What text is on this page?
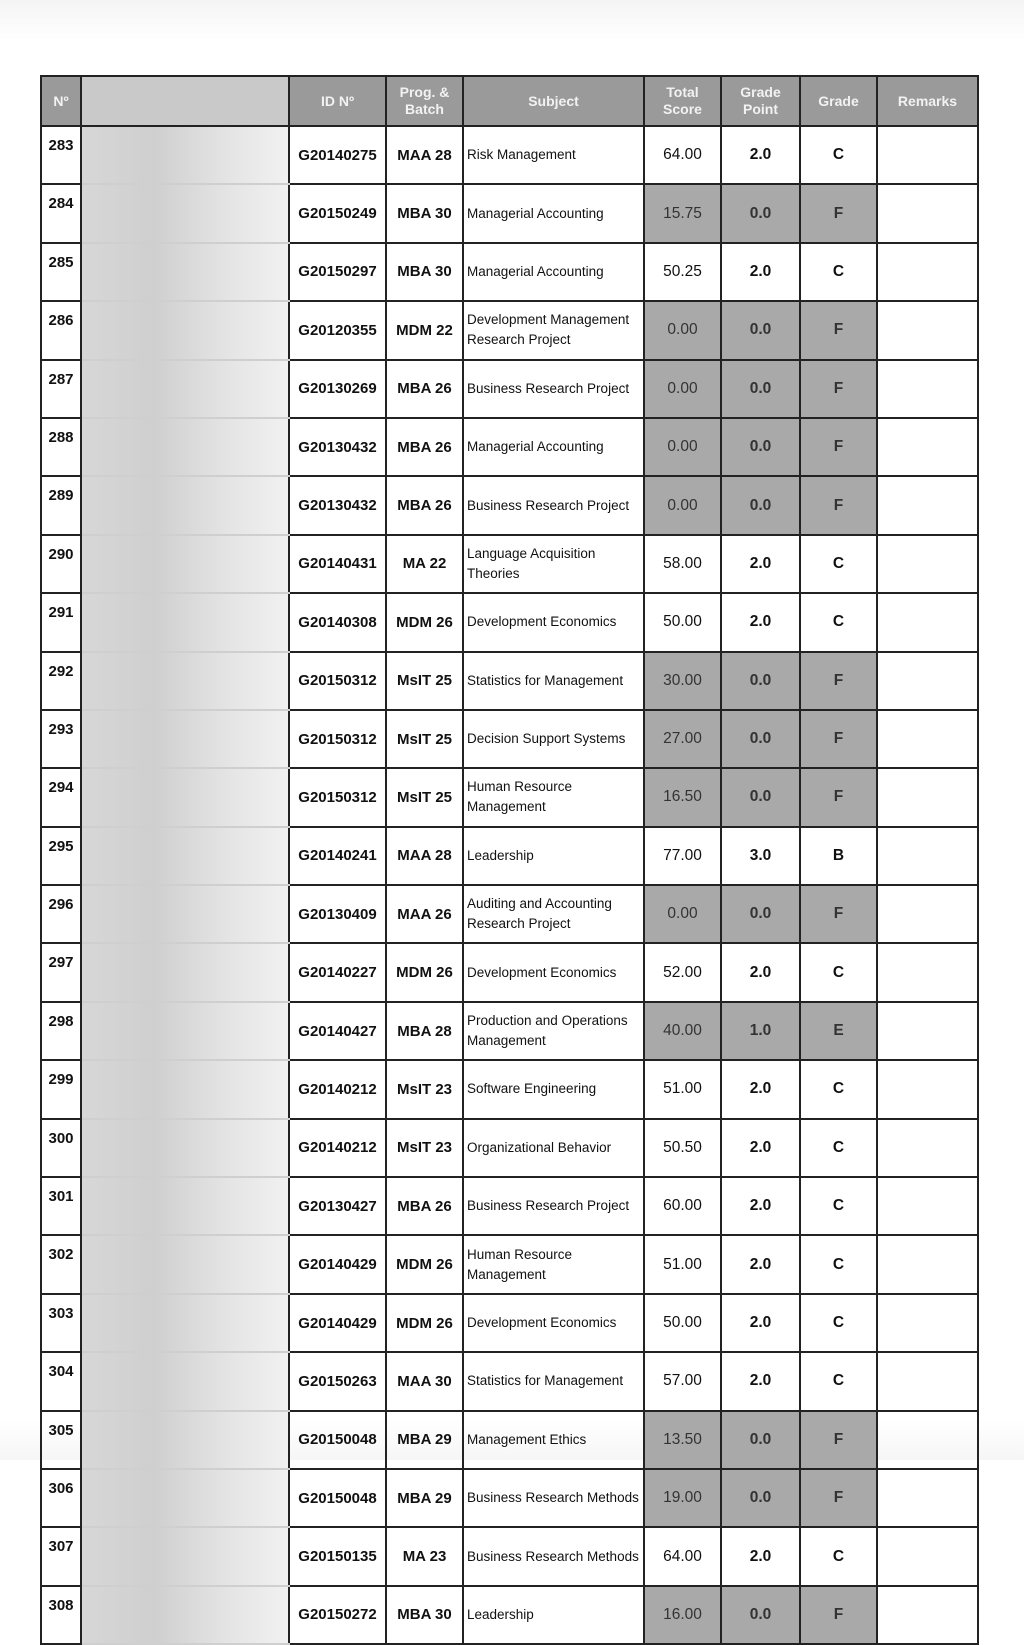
Nº		ID Nº	Prog. & Batch	Subject	Total Score	Grade Point	Grade	Remarks
283		G20140275	MAA 28	Risk Management	64.00	2.0	C	
284		G20150249	MBA 30	Managerial Accounting	15.75	0.0	F	
285		G20150297	MBA 30	Managerial Accounting	50.25	2.0	C	
286		G20120355	MDM 22	Development Management Research Project	0.00	0.0	F	
287		G20130269	MBA 26	Business Research Project	0.00	0.0	F	
288		G20130432	MBA 26	Managerial Accounting	0.00	0.0	F	
289		G20130432	MBA 26	Business Research Project	0.00	0.0	F	
290		G20140431	MA 22	Language Acquisition Theories	58.00	2.0	C	
291		G20140308	MDM 26	Development Economics	50.00	2.0	C	
292		G20150312	MsIT 25	Statistics for Management	30.00	0.0	F	
293		G20150312	MsIT 25	Decision Support Systems	27.00	0.0	F	
294		G20150312	MsIT 25	Human Resource Management	16.50	0.0	F	
295		G20140241	MAA 28	Leadership	77.00	3.0	B	
296		G20130409	MAA 26	Auditing and Accounting Research Project	0.00	0.0	F	
297		G20140227	MDM 26	Development Economics	52.00	2.0	C	
298		G20140427	MBA 28	Production and Operations Management	40.00	1.0	E	
299		G20140212	MsIT 23	Software Engineering	51.00	2.0	C	
300		G20140212	MsIT 23	Organizational Behavior	50.50	2.0	C	
301		G20130427	MBA 26	Business Research Project	60.00	2.0	C	
302		G20140429	MDM 26	Human Resource Management	51.00	2.0	C	
303		G20140429	MDM 26	Development Economics	50.00	2.0	C	
304		G20150263	MAA 30	Statistics for Management	57.00	2.0	C	
305		G20150048	MBA 29	Management Ethics	13.50	0.0	F	
306		G20150048	MBA 29	Business Research Methods	19.00	0.0	F	
307		G20150135	MA 23	Business Research Methods	64.00	2.0	C	
308		G20150272	MBA 30	Leadership	16.00	0.0	F	
